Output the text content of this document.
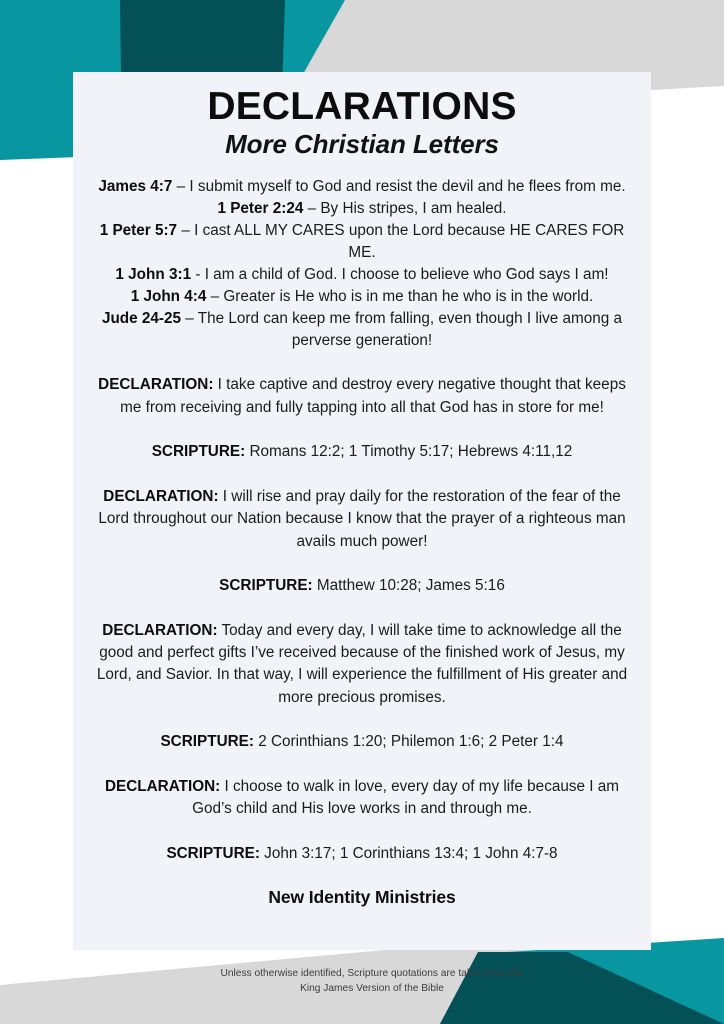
DECLARATIONS
More Christian Letters

James 4:7 – I submit myself to God and resist the devil and he flees from me.

1 Peter 2:24 – By His stripes, I am healed.

1 Peter 5:7 – I cast ALL MY CARES upon the Lord because HE CARES FOR ME.

1 John 3:1 - I am a child of God. I choose to believe who God says I am!

1 John 4:4 – Greater is He who is in me than he who is in the world.

Jude 24-25 – The Lord can keep me from falling, even though I live among a perverse generation!

DECLARATION: I take captive and destroy every negative thought that keeps me from receiving and fully tapping into all that God has in store for me!

SCRIPTURE: Romans 12:2; 1 Timothy 5:17; Hebrews 4:11,12

DECLARATION: I will rise and pray daily for the restoration of the fear of the Lord throughout our Nation because I know that the prayer of a righteous man avails much power!

SCRIPTURE: Matthew 10:28; James 5:16

DECLARATION: Today and every day, I will take time to acknowledge all the good and perfect gifts I’ve received because of the finished work of Jesus, my Lord, and Savior. In that way, I will experience the fulfillment of His greater and more precious promises.

SCRIPTURE: 2 Corinthians 1:20; Philemon 1:6; 2 Peter 1:4

DECLARATION: I choose to walk in love, every day of my life because I am God’s child and His love works in and through me.

SCRIPTURE: John 3:17; 1 Corinthians 13:4; 1 John 4:7-8

New Identity Ministries

Unless otherwise identified, Scripture quotations are taken from the
King James Version of the Bible
